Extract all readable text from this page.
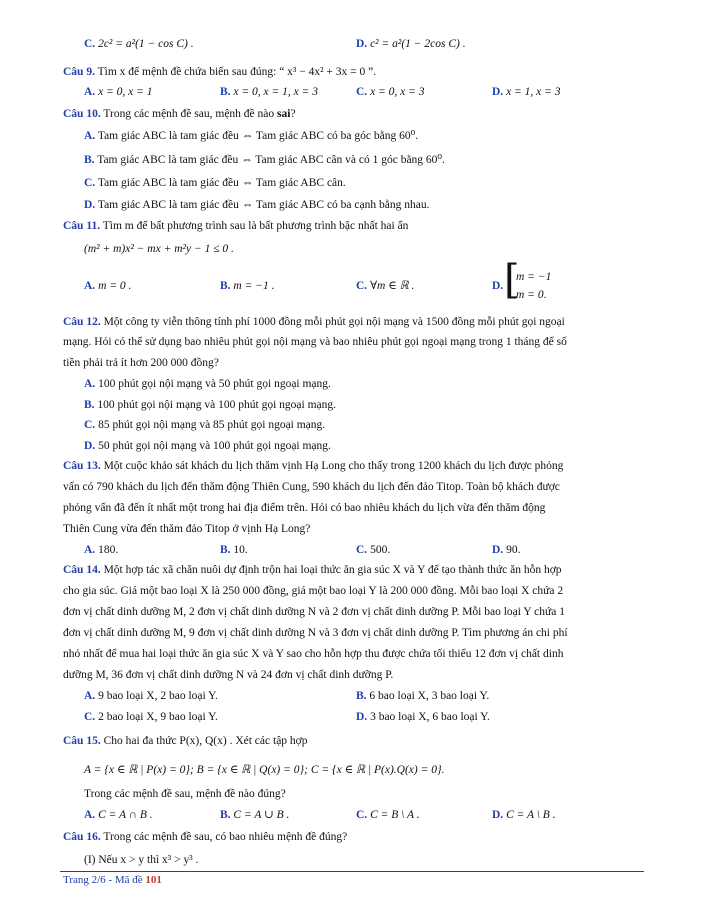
C. 2c² = a²(1 − cos C) .	D. c² = a²(1 − 2cos C) .
Câu 9. Tìm x để mệnh đề chứa biến sau đúng: “ x³ − 4x² + 3x = 0 ”.
A. x = 0, x = 1	B. x = 0, x = 1, x = 3	C. x = 0, x = 3	D. x = 1, x = 3
Câu 10. Trong các mệnh đề sau, mệnh đề nào sai?
A. Tam giác ABC là tam giác đều ⇔ Tam giác ABC có ba góc bằng 60⁰.
B. Tam giác ABC là tam giác đều ⇔ Tam giác ABC cân và có 1 góc bằng 60⁰.
C. Tam giác ABC là tam giác đều ⇔ Tam giác ABC cân.
D. Tam giác ABC là tam giác đều ⇔ Tam giác ABC có ba cạnh bằng nhau.
Câu 11. Tìm m để bất phương trình sau là bất phương trình bậc nhất hai ẩn
(m² + m)x² − mx + m²y − 1 ≤ 0 .
A. m = 0 .	B. m = −1 .	C. ∀m ∈ ℝ .	D. [
m = −1
m = 0.
Câu 12. Một công ty viễn thông tính phí 1000 đồng mỗi phút gọi nội mạng và 1500 đồng mỗi phút gọi ngoại
mạng. Hỏi có thể sử dụng bao nhiêu phút gọi nội mạng và bao nhiêu phút gọi ngoại mạng trong 1 tháng để số
tiền phải trả ít hơn 200 000 đồng?
A. 100 phút gọi nội mạng và 50 phút gọi ngoại mạng.
B. 100 phút gọi nội mạng và 100 phút gọi ngoại mạng.
C. 85 phút gọi nội mạng và 85 phút gọi ngoại mạng.
D. 50 phút gọi nội mạng và 100 phút gọi ngoại mạng.
Câu 13. Một cuộc khảo sát khách du lịch thăm vịnh Hạ Long cho thấy trong 1200 khách du lịch được phỏng
vấn có 790 khách du lịch đến thăm động Thiên Cung, 590 khách du lịch đến đảo Titop. Toàn bộ khách được
phỏng vấn đã đến ít nhất một trong hai địa điểm trên. Hỏi có bao nhiêu khách du lịch vừa đến thăm động
Thiên Cung vừa đến thăm đảo Titop ở vịnh Hạ Long?
A. 180.	B. 10.	C. 500.	D. 90.
Câu 14. Một hợp tác xã chăn nuôi dự định trộn hai loại thức ăn gia súc X và Y để tạo thành thức ăn hỗn hợp
cho gia súc. Giá một bao loại X là 250 000 đồng, giá một bao loại Y là 200 000 đồng. Mỗi bao loại X chứa 2
đơn vị chất dinh dưỡng M, 2 đơn vị chất dinh dưỡng N và 2 đơn vị chất dinh dưỡng P. Mỗi bao loại Y chứa 1
đơn vị chất dinh dưỡng M, 9 đơn vị chất dinh dưỡng N và 3 đơn vị chất dinh dưỡng P. Tìm phương án chi phí
nhỏ nhất để mua hai loại thức ăn gia súc X và Y sao cho hỗn hợp thu được chứa tối thiểu 12 đơn vị chất dinh
dưỡng M, 36 đơn vị chất dinh dưỡng N và 24 đơn vị chất dinh dưỡng P.
A. 9 bao loại X, 2 bao loại Y.	B. 6 bao loại X, 3 bao loại Y.
C. 2 bao loại X, 9 bao loại Y.	D. 3 bao loại X, 6 bao loại Y.
Câu 15. Cho hai đa thức P(x), Q(x) . Xét các tập hợp
A = {x ∈ ℝ | P(x) = 0}; B = {x ∈ ℝ | Q(x) = 0}; C = {x ∈ ℝ | P(x).Q(x) = 0}.
Trong các mệnh đề sau, mệnh đề nào đúng?
A. C = A ∩ B .	B. C = A ∪ B .	C. C = B \ A .	D. C = A \ B .
Câu 16. Trong các mệnh đề sau, có bao nhiêu mệnh đề đúng?
(I) Nếu x > y thì x³ > y³ .
Trang 2/6 - Mã đề 101
